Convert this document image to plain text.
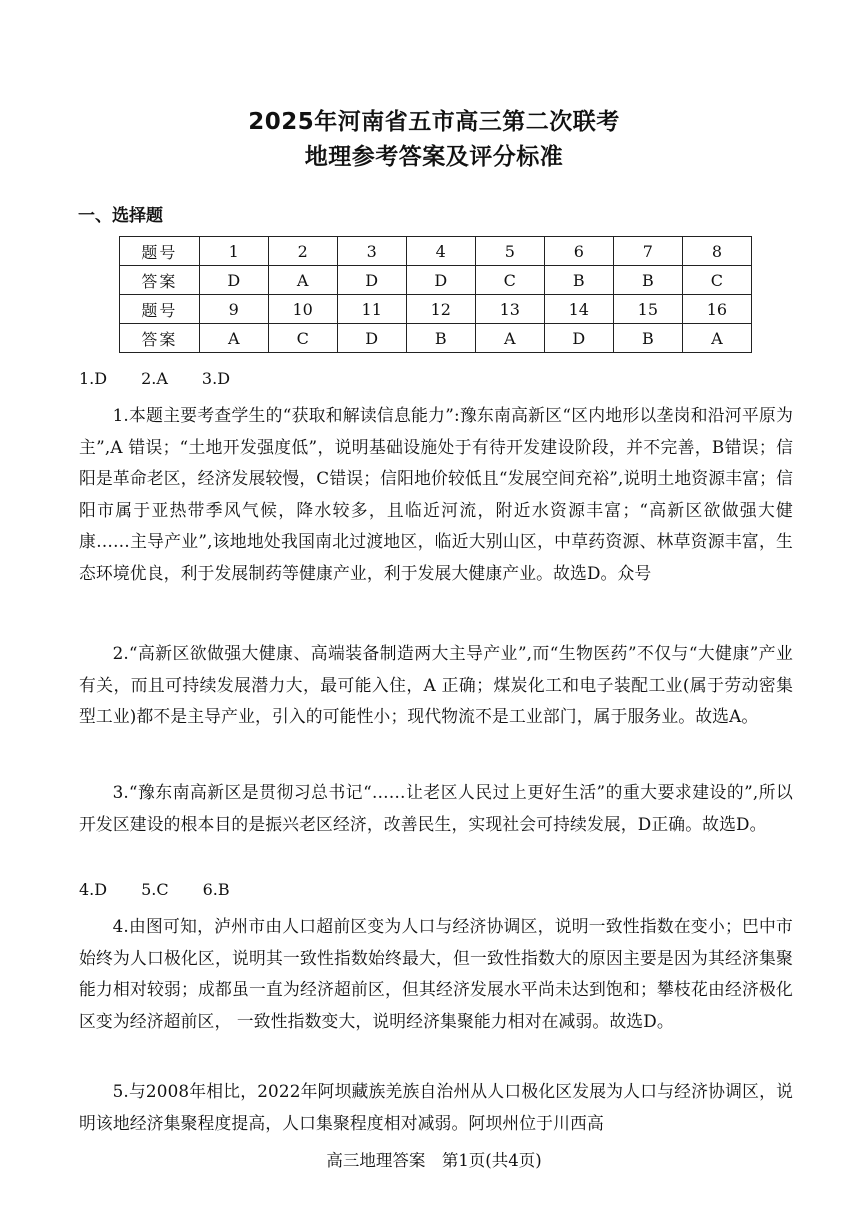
2025年河南省五市高三第二次联考
地理参考答案及评分标准
一、选择题
题号	1	2	3	4	5	6	7	8
答案	D	A	D	D	C	B	B	C
题号	9	10	11	12	13	14	15	16
答案	A	C	D	B	A	D	B	A
1.D 2.A 3.D

1.本题主要考查学生的“获取和解读信息能力”:豫东南高新区“区内地形以垄岗和沿河平原为主”,A 错误；“土地开发强度低”，说明基础设施处于有待开发建设阶段，并不完善，B错误；信阳是革命老区，经济发展较慢，C错误；信阳地价较低且“发展空间充裕”,说明土地资源丰富；信阳市属于亚热带季风气候，降水较多，且临近河流，附近水资源丰富；“高新区欲做强大健康……主导产业”,该地地处我国南北过渡地区，临近大别山区，中草药资源、林草资源丰富，生态环境优良，利于发展制药等健康产业，利于发展大健康产业。故选D。众号

2.“高新区欲做强大健康、高端装备制造两大主导产业”,而“生物医药”不仅与“大健康”产业有关，而且可持续发展潜力大，最可能入住，A 正确；煤炭化工和电子装配工业(属于劳动密集型工业)都不是主导产业，引入的可能性小；现代物流不是工业部门，属于服务业。故选A。

3.“豫东南高新区是贯彻习总书记“……让老区人民过上更好生活”的重大要求建设的”,所以开发区建设的根本目的是振兴老区经济，改善民生，实现社会可持续发展，D正确。故选D。

4.D 5.C 6.B

4.由图可知，泸州市由人口超前区变为人口与经济协调区，说明一致性指数在变小；巴中市始终为人口极化区，说明其一致性指数始终最大，但一致性指数大的原因主要是因为其经济集聚能力相对较弱；成都虽一直为经济超前区，但其经济发展水平尚未达到饱和；攀枝花由经济极化区变为经济超前区， 一致性指数变大，说明经济集聚能力相对在减弱。故选D。

5.与2008年相比，2022年阿坝藏族羌族自治州从人口极化区发展为人口与经济协调区，说明该地经济集聚程度提高，人口集聚程度相对减弱。阿坝州位于川西高

高三地理答案　第1页(共4页)
